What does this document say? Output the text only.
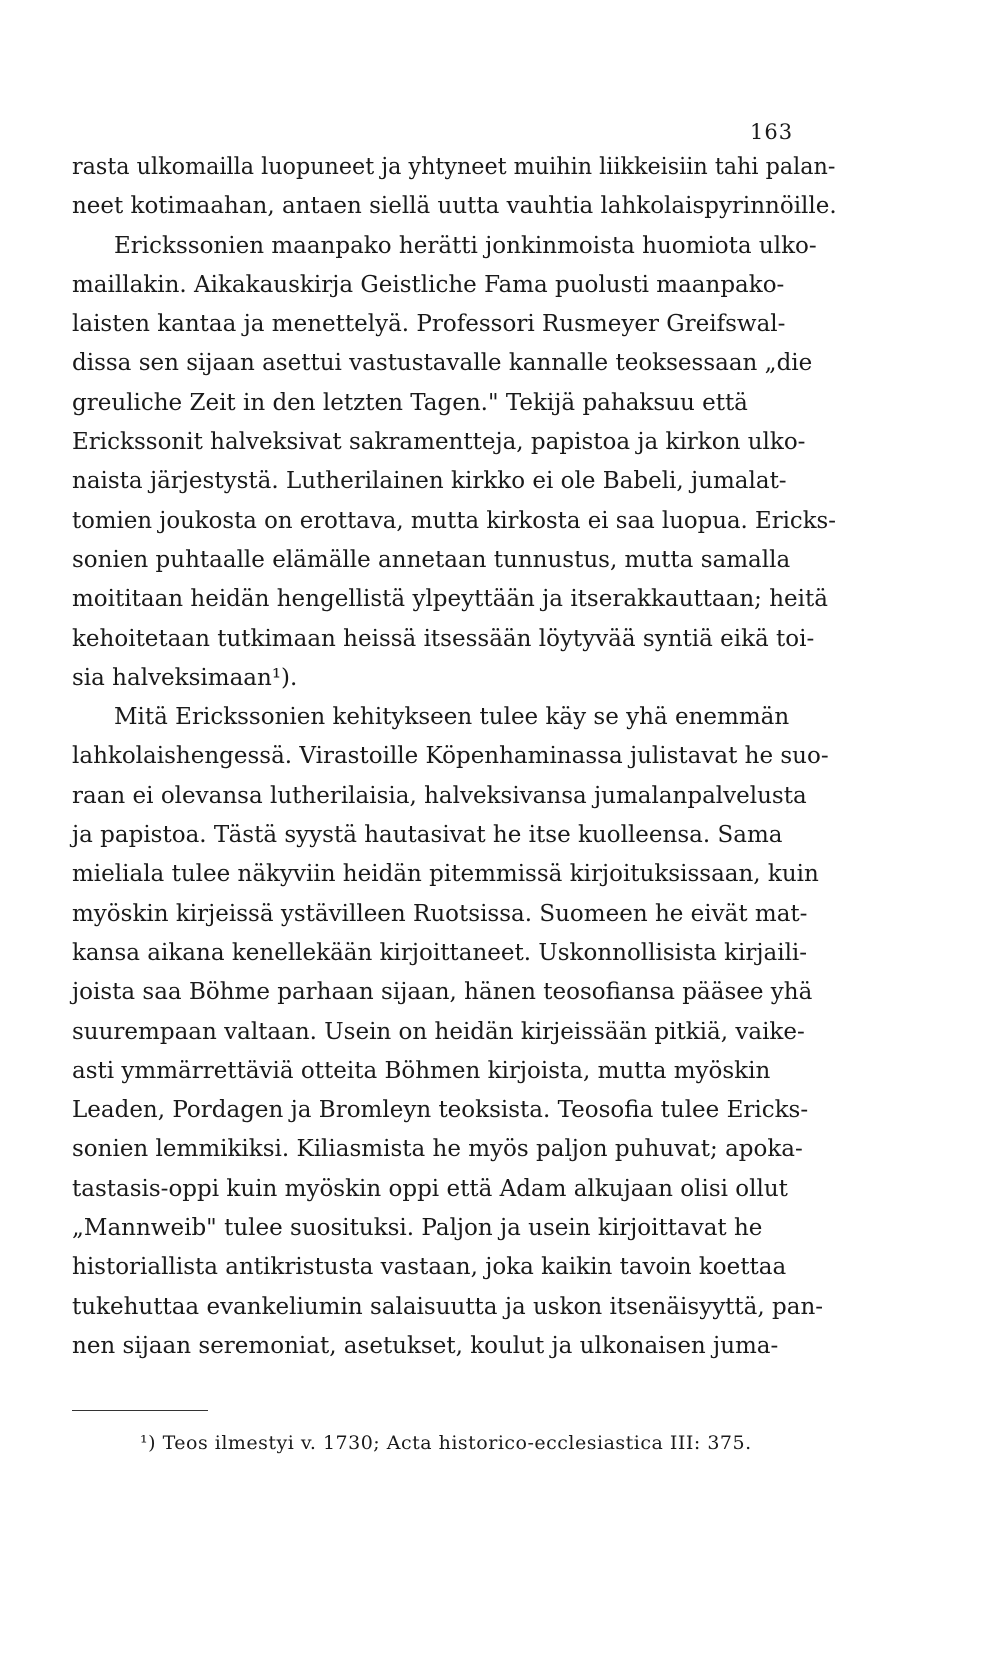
163
rasta ulkomailla luopuneet ja yhtyneet muihin liikkeisiin tahi palan-
neet kotimaahan, antaen siellä uutta vauhtia lahkolaispyrinnöille.
Erickssonien maanpako herätti jonkinmoista huomiota ulko-
maillakin. Aikakauskirja Geistliche Fama puolusti maanpako-
laisten kantaa ja menettelyä. Professori Rusmeyer Greifswal-
dissa sen sijaan asettui vastustavalle kannalle teoksessaan „die
greuliche Zeit in den letzten Tagen." Tekijä pahaksuu että
Erickssonit halveksivat sakramentteja, papistoa ja kirkon ulko-
naista järjestystä. Lutherilainen kirkko ei ole Babeli, jumalat-
tomien joukosta on erottava, mutta kirkosta ei saa luopua. Ericks-
sonien puhtaalle elämälle annetaan tunnustus, mutta samalla
moititaan heidän hengellistä ylpeyttään ja itserakkauttaan; heitä
kehoitetaan tutkimaan heissä itsessään löytyvää syntiä eikä toi-
sia halveksimaan¹).
Mitä Erickssonien kehitykseen tulee käy se yhä enemmän
lahkolaishengessä. Virastoille Köpenhaminassa julistavat he suo-
raan ei olevansa lutherilaisia, halveksivansa jumalanpalvelusta
ja papistoa. Tästä syystä hautasivat he itse kuolleensa. Sama
mieliala tulee näkyviin heidän pitemmissä kirjoituksissaan, kuin
myöskin kirjeissä ystävilleen Ruotsissa. Suomeen he eivät mat-
kansa aikana kenellekään kirjoittaneet. Uskonnollisista kirjaili-
joista saa Böhme parhaan sijaan, hänen teosofiansa pääsee yhä
suurempaan valtaan. Usein on heidän kirjeissään pitkiä, vaike-
asti ymmärrettäviä otteita Böhmen kirjoista, mutta myöskin
Leaden, Pordagen ja Bromleyn teoksista. Teosofia tulee Ericks-
sonien lemmikiksi. Kiliasmista he myös paljon puhuvat; apoka-
tastasis-oppi kuin myöskin oppi että Adam alkujaan olisi ollut
„Mannweib" tulee suosituksi. Paljon ja usein kirjoittavat he
historiallista antikristusta vastaan, joka kaikin tavoin koettaa
tukehuttaa evankeliumin salaisuutta ja uskon itsenäisyyttä, pan-
nen sijaan seremoniat, asetukset, koulut ja ulkonaisen juma-
¹) Teos ilmestyi v. 1730; Acta historico-ecclesiastica III: 375.
